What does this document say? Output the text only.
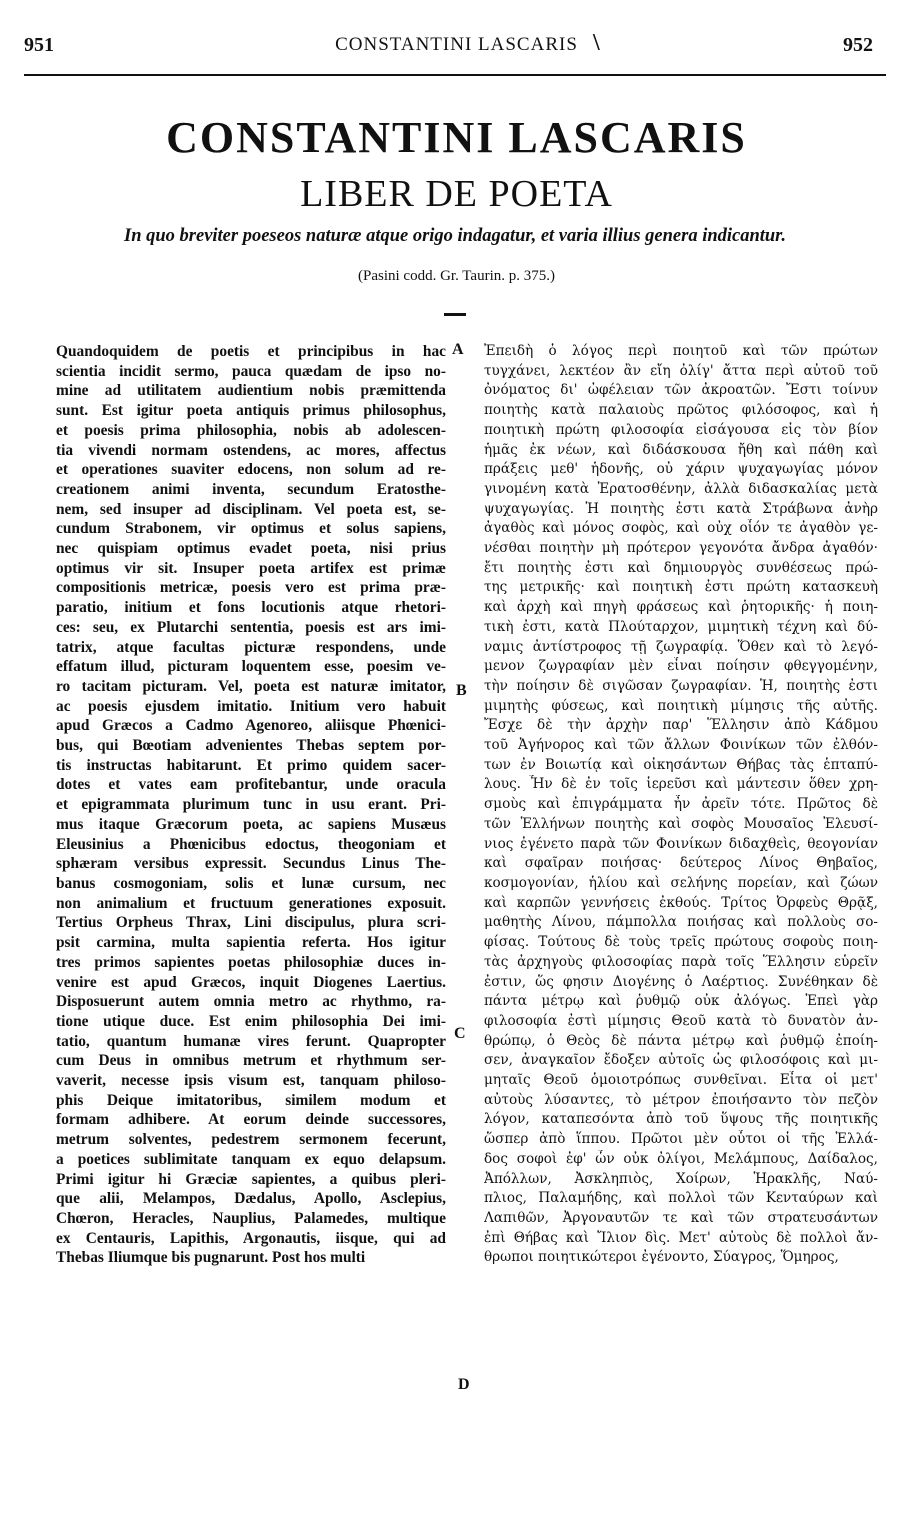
951	CONSTANTINI LASCARIS \	952
CONSTANTINI LASCARIS
LIBER DE POETA
In quo breviter poeseos naturæ atque origo indagatur, et varia illius genera indicantur.
(Pasini codd. Gr. Taurin. p. 375.)
Quandoquidem de poetis et principibus in hac
scientia incidit sermo, pauca quædam de ipso no-
mine ad utilitatem audientium nobis præmittenda
sunt. Est igitur poeta antiquis primus philosophus,
et poesis prima philosophia, nobis ab adolescen-
tia vivendi normam ostendens, ac mores, affectus
et operationes suaviter edocens, non solum ad re-
creationem animi inventa, secundum Eratosthe-
nem, sed insuper ad disciplinam. Vel poeta est, se-
cundum Strabonem, vir optimus et solus sapiens,
nec quispiam optimus evadet poeta, nisi prius
optimus vir sit. Insuper poeta artifex est primæ
compositionis metricæ, poesis vero est prima præ-
paratio, initium et fons locutionis atque rhetori-
ces: seu, ex Plutarchi sententia, poesis est ars imi-
tatrix, atque facultas picturæ respondens, unde
effatum illud, picturam loquentem esse, poesim ve-
ro tacitam picturam. Vel, poeta est naturæ imitator,
ac poesis ejusdem imitatio. Initium vero habuit
apud Græcos a Cadmo Agenoreo, aliisque Phœnici-
bus, qui Bœotiam advenientes Thebas septem por-
tis instructas habitarunt. Et primo quidem sacer-
dotes et vates eam profitebantur, unde oracula
et epigrammata plurimum tunc in usu erant. Pri-
mus itaque Græcorum poeta, ac sapiens Musæus
Eleusinius a Phœnicibus edoctus, theogoniam et
sphæram versibus expressit. Secundus Linus The-
banus cosmogoniam, solis et lunæ cursum, nec
non animalium et fructuum generationes exposuit.
Tertius Orpheus Thrax, Lini discipulus, plura scri-
psit carmina, multa sapientia referta. Hos igitur
tres primos sapientes poetas philosophiæ duces in-
venire est apud Græcos, inquit Diogenes Laertius.
Disposuerunt autem omnia metro ac rhythmo, ra-
tione utique duce. Est enim philosophia Dei imi-
tatio, quantum humanæ vires ferunt. Quapropter
cum Deus in omnibus metrum et rhythmum ser-
vaverit, necesse ipsis visum est, tanquam philoso-
phis Deique imitatoribus, similem modum et
formam adhibere. At eorum deinde successores,
metrum solventes, pedestrem sermonem fecerunt,
a poetices sublimitate tanquam ex equo delapsum.
Primi igitur hi Græciæ sapientes, a quibus pleri-
que alii, Melampos, Dædalus, Apollo, Asclepius,
Chœron, Heracles, Nauplius, Palamedes, multique
ex Centauris, Lapithis, Argonautis, iisque, qui ad
Thebas Iliumque bis pugnarunt. Post hos multi
Ἐπειδὴ ὁ λόγος περὶ ποιητοῦ καὶ τῶν πρώτων
τυγχάνει, λεκτέον ἂν εἴη ὀλίγ' ἄττα περὶ αὐτοῦ τοῦ
ὀνόματος δι' ὠφέλειαν τῶν ἀκροατῶν. Ἔστι τοίνυν
ποιητὴς κατὰ παλαιοὺς πρῶτος φιλόσοφος, καὶ ἡ
ποιητικὴ πρώτη φιλοσοφία εἰσάγουσα εἰς τὸν βίον
ἡμᾶς ἐκ νέων, καὶ διδάσκουσα ἤθη καὶ πάθη καὶ
πράξεις μεθ' ἡδονῆς, οὐ χάριν ψυχαγωγίας μόνον
γινομένη κατὰ Ἐρατοσθένην, ἀλλὰ διδασκαλίας μετὰ
ψυχαγωγίας. Ἡ ποιητὴς ἐστι κατὰ Στράβωνα ἀνὴρ
ἀγαθὸς καὶ μόνος σοφὸς, καὶ οὐχ οἷόν τε ἀγαθὸν γε-
νέσθαι ποιητὴν μὴ πρότερον γεγονότα ἄνδρα ἀγαθόν·
ἔτι ποιητὴς ἐστι καὶ δημιουργὸς συνθέσεως πρώ-
της μετρικῆς· καὶ ποιητικὴ ἐστι πρώτη κατασκευὴ
καὶ ἀρχὴ καὶ πηγὴ φράσεως καὶ ῥητορικῆς· ἡ ποιη-
τικὴ ἐστι, κατὰ Πλούταρχον, μιμητικὴ τέχνη καὶ δύ-
ναμις ἀντίστροφος τῇ ζωγραφίᾳ. Ὅθεν καὶ τὸ λεγό-
μενον ζωγραφίαν μὲν εἶναι ποίησιν φθεγγομένην,
τὴν ποίησιν δὲ σιγῶσαν ζωγραφίαν. Ἡ, ποιητὴς ἐστι
μιμητὴς φύσεως, καὶ ποιητικὴ μίμησις τῆς αὐτῆς.
Ἔσχε δὲ τὴν ἀρχὴν παρ' Ἕλλησιν ἀπὸ Κάδμου
τοῦ Ἀγήνορος καὶ τῶν ἄλλων Φοινίκων τῶν ἐλθόν-
των ἐν Βοιωτίᾳ καὶ οἰκησάντων Θήβας τὰς ἑπταπύ-
λους. Ἦν δὲ ἐν τοῖς ἱερεῦσι καὶ μάντεσιν ὅθεν χρη-
σμοὺς καὶ ἐπιγράμματα ἦν ἀρεῖν τότε. Πρῶτος δὲ
τῶν Ἑλλήνων ποιητὴς καὶ σοφὸς Μουσαῖος Ἐλευσί-
νιος ἐγένετο παρὰ τῶν Φοινίκων διδαχθεὶς, θεογονίαν
καὶ σφαῖραν ποιήσας· δεύτερος Λίνος Θηβαῖος,
κοσμογονίαν, ἡλίου καὶ σελήνης πορείαν, καὶ ζώων
καὶ καρπῶν γεννήσεις ἐκθούς. Τρίτος Ὀρφεὺς Θρᾷξ,
μαθητὴς Λίνου, πάμπολλα ποιήσας καὶ πολλοὺς σο-
φίσας. Τούτους δὲ τοὺς τρεῖς πρώτους σοφοὺς ποιη-
τὰς ἀρχηγοὺς φιλοσοφίας παρὰ τοῖς Ἕλλησιν εὑρεῖν
ἐστιν, ὥς φησιν Διογένης ὁ Λαέρτιος. Συνέθηκαν δὲ
πάντα μέτρῳ καὶ ῥυθμῷ οὐκ ἀλόγως. Ἐπεὶ γὰρ
φιλοσοφία ἐστὶ μίμησις Θεοῦ κατὰ τὸ δυνατὸν ἀν-
θρώπῳ, ὁ Θεὸς δὲ πάντα μέτρῳ καὶ ῥυθμῷ ἐποίη-
σεν, ἀναγκαῖον ἔδοξεν αὐτοῖς ὡς φιλοσόφοις καὶ μι-
μηταῖς Θεοῦ ὁμοιοτρόπως συνθεῖναι. Εἶτα οἱ μετ'
αὐτοὺς λύσαντες, τὸ μέτρον ἐποιήσαντο τὸν πεζὸν
λόγον, καταπεσόντα ἀπὸ τοῦ ὕψους τῆς ποιητικῆς
ὥσπερ ἀπὸ ἵππου. Πρῶτοι μὲν οὗτοι οἱ τῆς Ἑλλά-
δος σοφοὶ ἐφ' ὧν οὐκ ὀλίγοι, Μελάμπους, Δαίδαλος,
Ἀπόλλων, Ἀσκληπιὸς, Χοίρων, Ἡρακλῆς, Ναύ-
πλιος, Παλαμήδης, καὶ πολλοὶ τῶν Κενταύρων καὶ
Λαπιθῶν, Ἀργοναυτῶν τε καὶ τῶν στρατευσάντων
ἐπὶ Θήβας καὶ Ἴλιον δὶς. Μετ' αὐτοὺς δὲ πολλοὶ ἄν-
θρωποι ποιητικώτεροι ἐγένοντο, Σύαγρος, Ὅμηρος,
A
B
C
D
